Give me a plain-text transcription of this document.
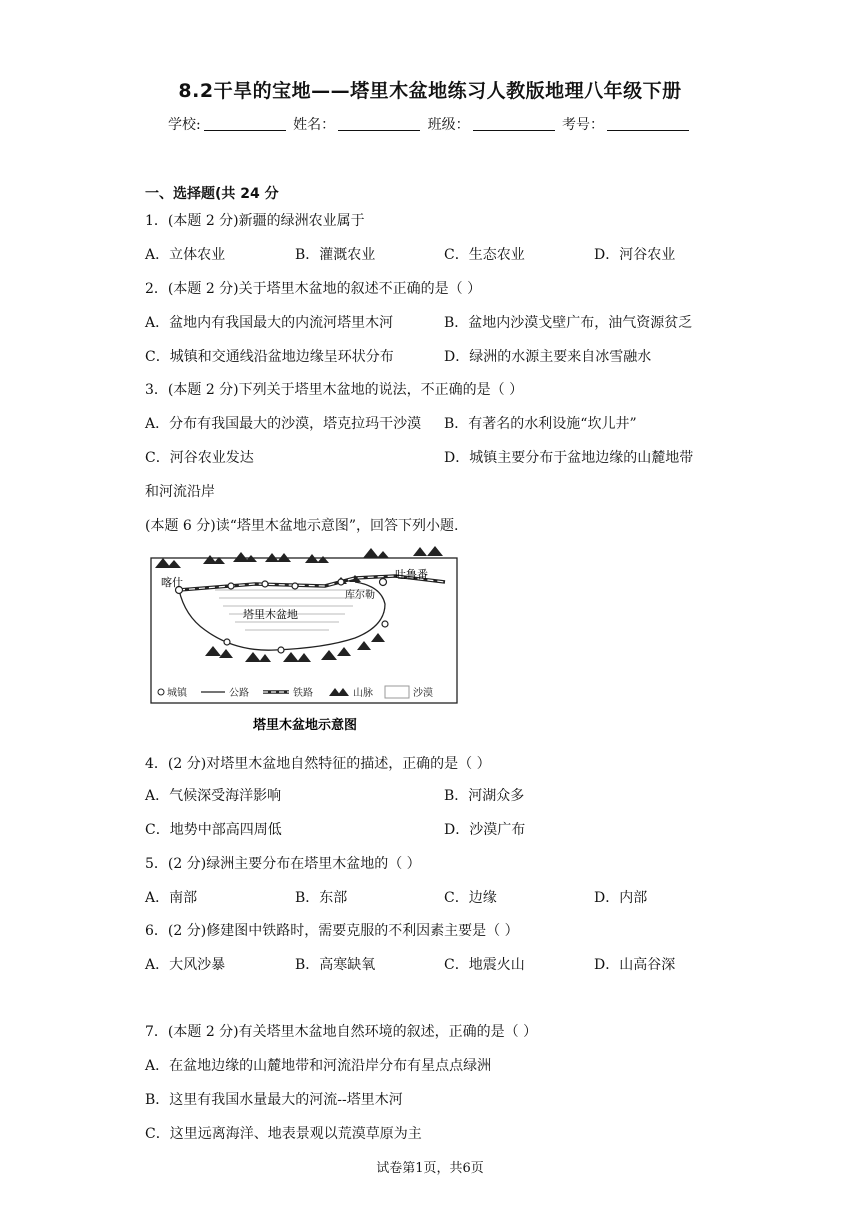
8.2干旱的宝地——塔里木盆地练习人教版地理八年级下册
学校:	姓名：	班级：	考号：
一、选择题(共 24 分
1．(本题 2 分)新疆的绿洲农业属于
A．立体农业	B．灌溉农业	C．生态农业	D．河谷农业
2．(本题 2 分)关于塔里木盆地的叙述不正确的是（ ）
A．盆地内有我国最大的内流河塔里木河	B．盆地内沙漠戈壁广布，油气资源贫乏
C．城镇和交通线沿盆地边缘呈环状分布	D．绿洲的水源主要来自冰雪融水
3．(本题 2 分)下列关于塔里木盆地的说法，不正确的是（ ）
A．分布有我国最大的沙漠，塔克拉玛干沙漠 B．有著名的水利设施“坎儿井”
C．河谷农业发达	D．城镇主要分布于盆地边缘的山麓地带
和河流沿岸
(本题 6 分)读“塔里木盆地示意图”，回答下列小题.
喀什
吐鲁番
库尔勒
塔里木盆地
城镇	公路	铁路	山脉	沙漠
塔里木盆地示意图
4．(2 分)对塔里木盆地自然特征的描述，正确的是（ ）
A．气候深受海洋影响	B．河湖众多
C．地势中部高四周低	D．沙漠广布
5．(2 分)绿洲主要分布在塔里木盆地的（ ）
A．南部	B．东部	C．边缘	D．内部
6．(2 分)修建图中铁路时，需要克服的不利因素主要是（ ）
A．大风沙暴	B．高寒缺氧	C．地震火山	D．山高谷深
7．(本题 2 分)有关塔里木盆地自然环境的叙述，正确的是（ ）
A．在盆地边缘的山麓地带和河流沿岸分布有星点点绿洲
B．这里有我国水量最大的河流--塔里木河
C．这里远离海洋、地表景观以荒漠草原为主
试卷第1页，共6页
